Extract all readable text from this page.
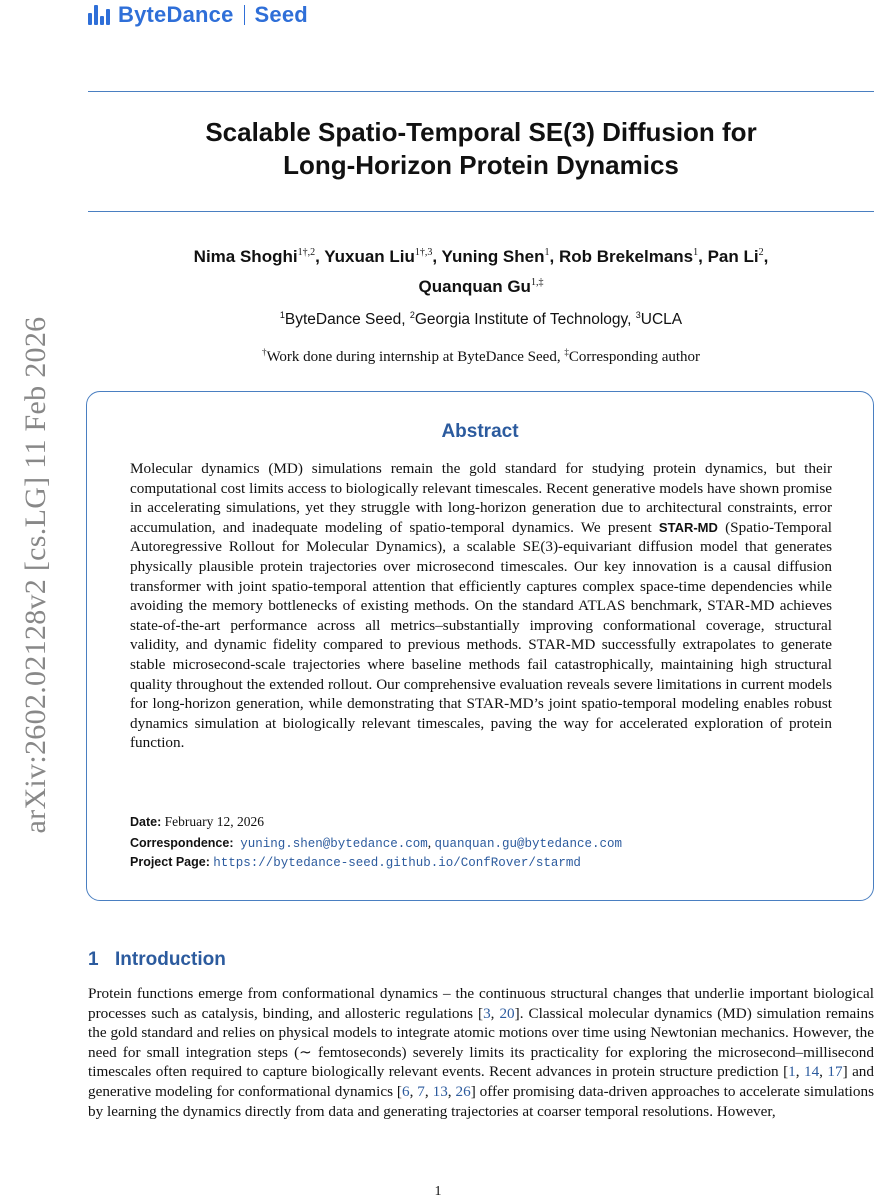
ByteDance Seed
Scalable Spatio-Temporal SE(3) Diffusion for
Long-Horizon Protein Dynamics
Nima Shoghi$^{1\dagger,2}$, Yuxuan Liu$^{1\dagger,3}$, Yuning Shen$^1$, Rob Brekelmans$^1$, Pan Li$^2$,
Quanquan $Gu^{1,\ddagger}$
$^1$ByteDance Seed, $^2$Georgia Institute of Technology, $^3$UCLA
†Work done during internship at ByteDance Seed, ‡Corresponding author
Abstract
Molecular dynamics (MD) simulations remain the gold standard for studying protein dynamics, but their computational cost limits access to biologically relevant timescales. Recent generative models have shown promise in accelerating simulations, yet they struggle with long-horizon generation due to architectural constraints, error accumulation, and inadequate modeling of spatio-temporal dynamics. We present STAR-MD (Spatio-Temporal Autoregressive Rollout for Molecular Dynamics), a scalable SE(3)-equivariant diffusion model that generates physically plausible protein trajectories over microsecond timescales. Our key innovation is a causal diffusion transformer with joint spatio-temporal attention that efficiently captures complex space-time dependencies while avoiding the memory bottlenecks of existing methods. On the standard ATLAS benchmark, STAR-MD achieves state-of-the-art performance across all metrics–substantially improving conformational coverage, structural validity, and dynamic fidelity compared to previous methods. STAR-MD successfully extrapolates to generate stable microsecond-scale trajectories where baseline methods fail catastrophically, maintaining high structural quality throughout the extended rollout. Our comprehensive evaluation reveals severe limitations in current models for long-horizon generation, while demonstrating that STAR-MD’s joint spatio-temporal modeling enables robust dynamics simulation at biologically relevant timescales, paving the way for accelerated exploration of protein function.
Date: February 12, 2026
Correspondence: yuning.shen@bytedance.com, quanquan.gu@bytedance.com
Project Page: https://bytedance-seed.github.io/ConfRover/starmd
1 Introduction
Protein functions emerge from conformational dynamics – the continuous structural changes that underlie important biological processes such as catalysis, binding, and allosteric regulations [3, 20]. Classical molecular dynamics (MD) simulation remains the gold standard and relies on physical models to integrate atomic motions over time using Newtonian mechanics. However, the need for small integration steps (∼ femtoseconds) severely limits its practicality for exploring the microsecond–millisecond timescales often required to capture biologically relevant events. Recent advances in protein structure prediction [1, 14, 17] and generative modeling for conformational dynamics [6, 7, 13, 26] offer promising data-driven approaches to accelerate simulations by learning the dynamics directly from data and generating trajectories at coarser temporal resolutions. However,
arXiv:2602.02128v2 [cs.LG] 11 Feb 2026
1
